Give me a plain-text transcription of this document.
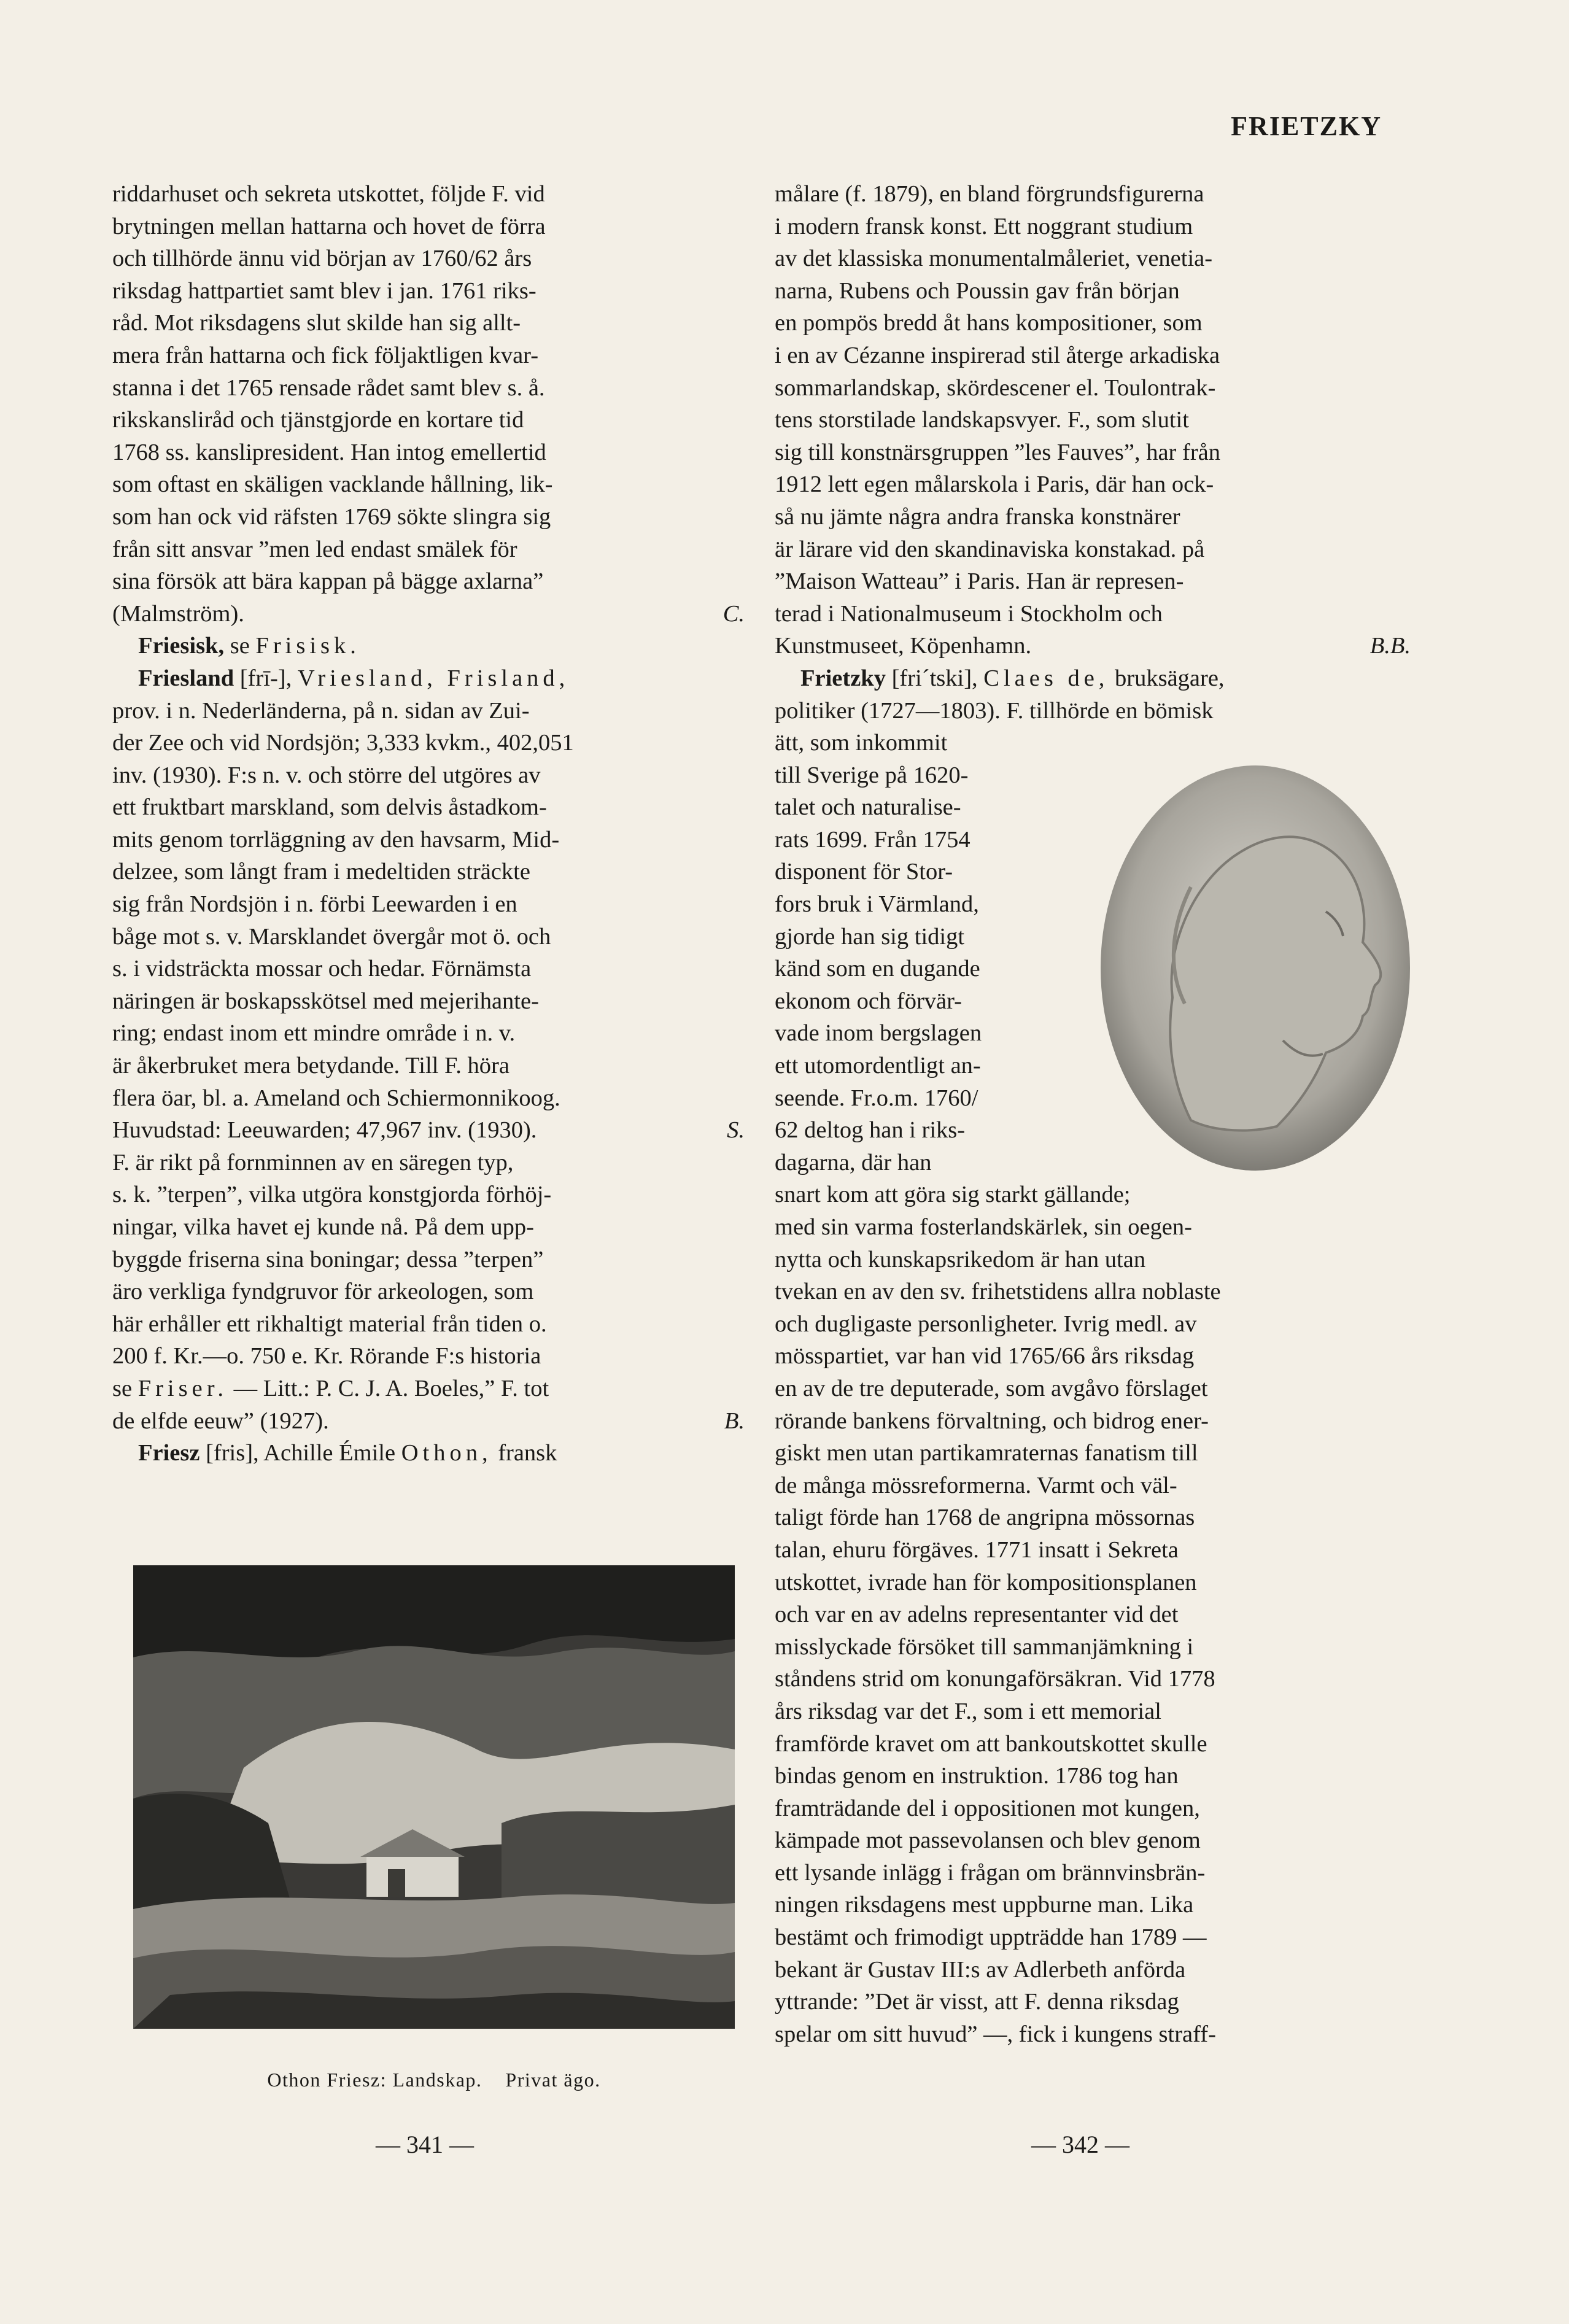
FRIETZKY

riddarhuset och sekreta utskottet, följde F. vid

brytningen mellan hattarna och hovet de förra

och tillhörde ännu vid början av 1760/62 års

riksdag hattpartiet samt blev i jan. 1761 riks-

råd. Mot riksdagens slut skilde han sig allt-

mera från hattarna och fick följaktligen kvar-

stanna i det 1765 rensade rådet samt blev s. å.

rikskansliråd och tjänstgjorde en kortare tid

1768 ss. kanslipresident. Han intog emellertid

som oftast en skäligen vacklande hållning, lik-

som han ock vid räfsten 1769 sökte slingra sig

från sitt ansvar ”men led endast smälek för

sina försök att bära kappan på bägge axlarna”

(Malmström).	C.

Friesisk, se Frisisk.

Friesland [frī-], Vriesland, Frisland,

prov. i n. Nederländerna, på n. sidan av Zui-

der Zee och vid Nordsjön; 3,333 kvkm., 402,051

inv. (1930). F:s n. v. och större del utgöres av

ett fruktbart marskland, som delvis åstadkom-

mits genom torrläggning av den havsarm, Mid-

delzee, som långt fram i medeltiden sträckte

sig från Nordsjön i n. förbi Leewarden i en

båge mot s. v. Marsklandet övergår mot ö. och

s. i vidsträckta mossar och hedar. Förnämsta

näringen är boskapsskötsel med mejerihante-

ring; endast inom ett mindre område i n. v.

är åkerbruket mera betydande. Till F. höra

flera öar, bl. a. Ameland och Schiermonnikoog.

Huvudstad: Leeuwarden; 47,967 inv. (1930).	S.

F. är rikt på fornminnen av en säregen typ,

s. k. ”terpen”, vilka utgöra konstgjorda förhöj-

ningar, vilka havet ej kunde nå. På dem upp-

byggde friserna sina boningar; dessa ”terpen”

äro verkliga fyndgruvor för arkeologen, som

här erhåller ett rikhaltigt material från tiden o.

200 f. Kr.—o. 750 e. Kr. Rörande F:s historia

se Friser. — Litt.: P. C. J. A. Boeles,” F. tot

de elfde eeuw” (1927).	B.

Friesz [fris], Achille Émile Othon, fransk

Othon Friesz: Landskap. Privat ägo.

målare (f. 1879), en bland förgrundsfigurerna

i modern fransk konst. Ett noggrant studium

av det klassiska monumentalmåleriet, venetia-

narna, Rubens och Poussin gav från början

en pompös bredd åt hans kompositioner, som

i en av Cézanne inspirerad stil återge arkadiska

sommarlandskap, skördescener el. Toulontrak-

tens storstilade landskapsvyer. F., som slutit

sig till konstnärsgruppen ”les Fauves”, har från

1912 lett egen målarskola i Paris, där han ock-

så nu jämte några andra franska konstnärer

är lärare vid den skandinaviska konstakad. på

”Maison Watteau” i Paris. Han är represen-

terad i Nationalmuseum i Stockholm och

Kunstmuseet, Köpenhamn.	B.B.

Frietzky [fri´tski], Claes de, bruksägare,

politiker (1727—1803). F. tillhörde en bömisk

ätt, som inkommit

till Sverige på 1620-

talet och naturalise-

rats 1699. Från 1754

disponent för Stor-

fors bruk i Värmland,

gjorde han sig tidigt

känd som en dugande

ekonom och förvär-

vade inom bergslagen

ett utomordentligt an-

seende. Fr.o.m. 1760/

62 deltog han i riks-

dagarna, där han

snart kom att göra sig starkt gällande;

med sin varma fosterlandskärlek, sin oegen-

nytta och kunskapsrikedom är han utan

tvekan en av den sv. frihetstidens allra noblaste

och dugligaste personligheter. Ivrig medl. av

mösspartiet, var han vid 1765/66 års riksdag

en av de tre deputerade, som avgåvo förslaget

rörande bankens förvaltning, och bidrog ener-

giskt men utan partikamraternas fanatism till

de många mössreformerna. Varmt och väl-

taligt förde han 1768 de angripna mössornas

talan, ehuru förgäves. 1771 insatt i Sekreta

utskottet, ivrade han för kompositionsplanen

och var en av adelns representanter vid det

misslyckade försöket till sammanjämkning i

ståndens strid om konungaförsäkran. Vid 1778

års riksdag var det F., som i ett memorial

framförde kravet om att bankoutskottet skulle

bindas genom en instruktion. 1786 tog han

framträdande del i oppositionen mot kungen,

kämpade mot passevolansen och blev genom

ett lysande inlägg i frågan om brännvinsbrän-

ningen riksdagens mest uppburne man. Lika

bestämt och frimodigt uppträdde han 1789 —

bekant är Gustav III:s av Adlerbeth anförda

yttrande: ”Det är visst, att F. denna riksdag

spelar om sitt huvud” —, fick i kungens straff-

— 341 —	— 342 —
